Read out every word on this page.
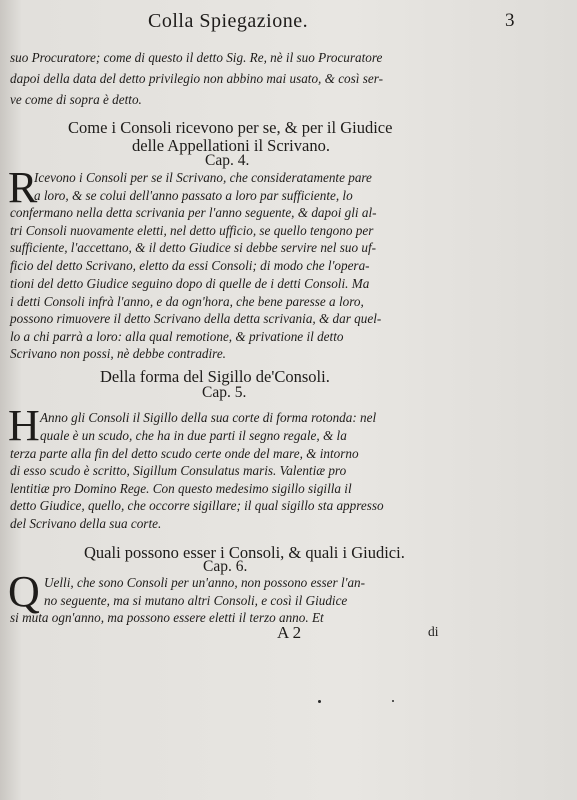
Colla Spiegazione.	3
suo Procuratore; come di questo il detto Sig. Re, nè il suo Procuratore
dapoi della data del detto privilegio non abbino mai usato, & così ser-
ve come di sopra è detto.
Come i Consoli ricevono per se, & per il Giudice
delle Appellationi il Scrivano.
Cap. 4.
R
Icevono i Consoli per se il Scrivano, che consideratamente pare
a loro, & se colui dell'anno passato a loro par sufficiente, lo
confermano nella detta scrivania per l'anno seguente, & dapoi gli al-
tri Consoli nuovamente eletti, nel detto ufficio, se quello tengono per
sufficiente, l'accettano, & il detto Giudice si debbe servire nel suo uf-
ficio del detto Scrivano, eletto da essi Consoli; di modo che l'opera-
tioni del detto Giudice seguino dopo di quelle de i detti Consoli. Ma
i detti Consoli infrà l'anno, e da ogn'hora, che bene paresse a loro,
possono rimuovere il detto Scrivano della detta scrivania, & dar quel-
lo a chi parrà a loro: alla qual remotione, & privatione il detto
Scrivano non possi, nè debbe contradire.
Della forma del Sigillo de'Consoli.
Cap. 5.
H Anno gli Consoli il Sigillo della sua corte di forma rotonda: nel
quale è un scudo, che ha in due parti il segno regale, & la
terza parte alla fin del detto scudo certe onde del mare, & intorno
di esso scudo è scritto, Sigillum Consulatus maris. Valentiæ pro
lentitiæ pro Domino Rege. Con questo medesimo sigillo sigilla il
detto Giudice, quello, che occorre sigillare; il qual sigillo sta appresso
del Scrivano della sua corte.
Quali possono esser i Consoli, & quali i Giudici.
Cap. 6.
Q Uelli, che sono Consoli per un'anno, non possono esser l'an-
no seguente, ma si mutano altri Consoli, e così il Giudice
si muta ogn'anno, ma possono essere eletti il terzo anno. Et
A 2	di
